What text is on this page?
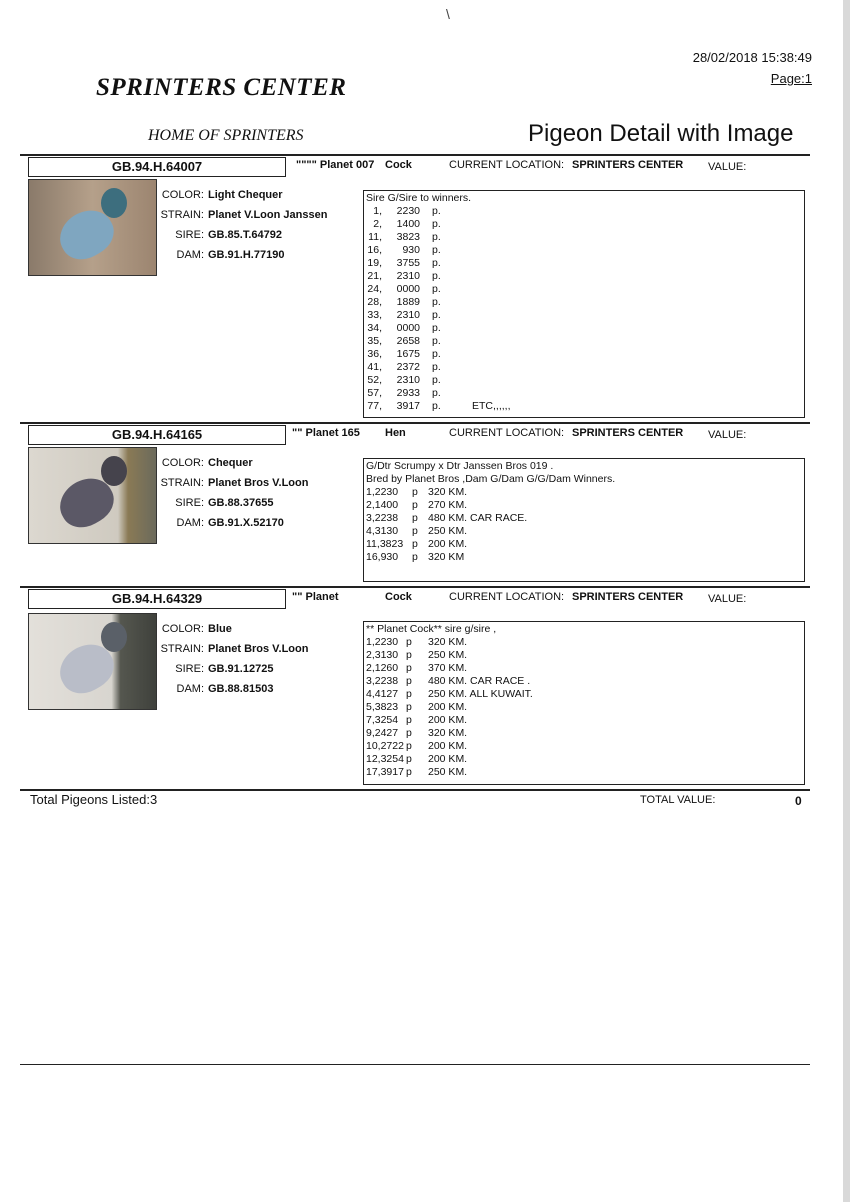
\
28/02/2018 15:38:49
Page:1
SPRINTERS CENTER
HOME OF SPRINTERS	Pigeon Detail with Image
GB.94.H.64007	"""" Planet 007 Cock	CURRENT LOCATION: SPRINTERS CENTER VALUE:
COLOR: Light Chequer
STRAIN: Planet V.Loon Janssen
SIRE: GB.85.T.64792
DAM: GB.91.H.77190
Sire G/Sire to winners.
1,	2230	p.
2,	1400	p.
11,	3823	p.
16,	930	p.
19,	3755	p.
21,	2310	p.
24,	0000	p.
28,	1889	p.
33,	2310	p.
34,	0000	p.
35,	2658	p.
36,	1675	p.
41,	2372	p.
52,	2310	p.
57,	2933	p.
77,	3917	p.	ETC,,,,,,
GB.94.H.64165	"" Planet 165 Hen	CURRENT LOCATION: SPRINTERS CENTER VALUE:
COLOR: Chequer
STRAIN: Planet Bros V.Loon
SIRE: GB.88.37655
DAM: GB.91.X.52170
G/Dtr Scrumpy x Dtr Janssen Bros 019 .
Bred by Planet Bros ,Dam G/Dam G/G/Dam Winners.
1,2230	p 320 KM.
2,1400	p 270 KM.
3,2238	p 480 KM. CAR RACE.
4,3130	p 250 KM.
11,3823 p 200 KM.
16,930	p 320 KM
GB.94.H.64329	"" Planet	Cock	CURRENT LOCATION: SPRINTERS CENTER VALUE:
COLOR: Blue
STRAIN: Planet Bros V.Loon
SIRE: GB.91.12725
DAM: GB.88.81503
** Planet Cock** sire g/sire ,
1,2230 p	320 KM.
2,3130 p	250 KM.
2,1260 p	370 KM.
3,2238 p	480 KM. CAR RACE .
4,4127 p	250 KM. ALL KUWAIT.
5,3823 p	200 KM.
7,3254 p	200 KM.
9,2427 p	320 KM.
10,2722 p	200 KM.
12,3254 p	200 KM.
17,3917 p	250 KM.
Total Pigeons Listed:3	TOTAL VALUE:	0
